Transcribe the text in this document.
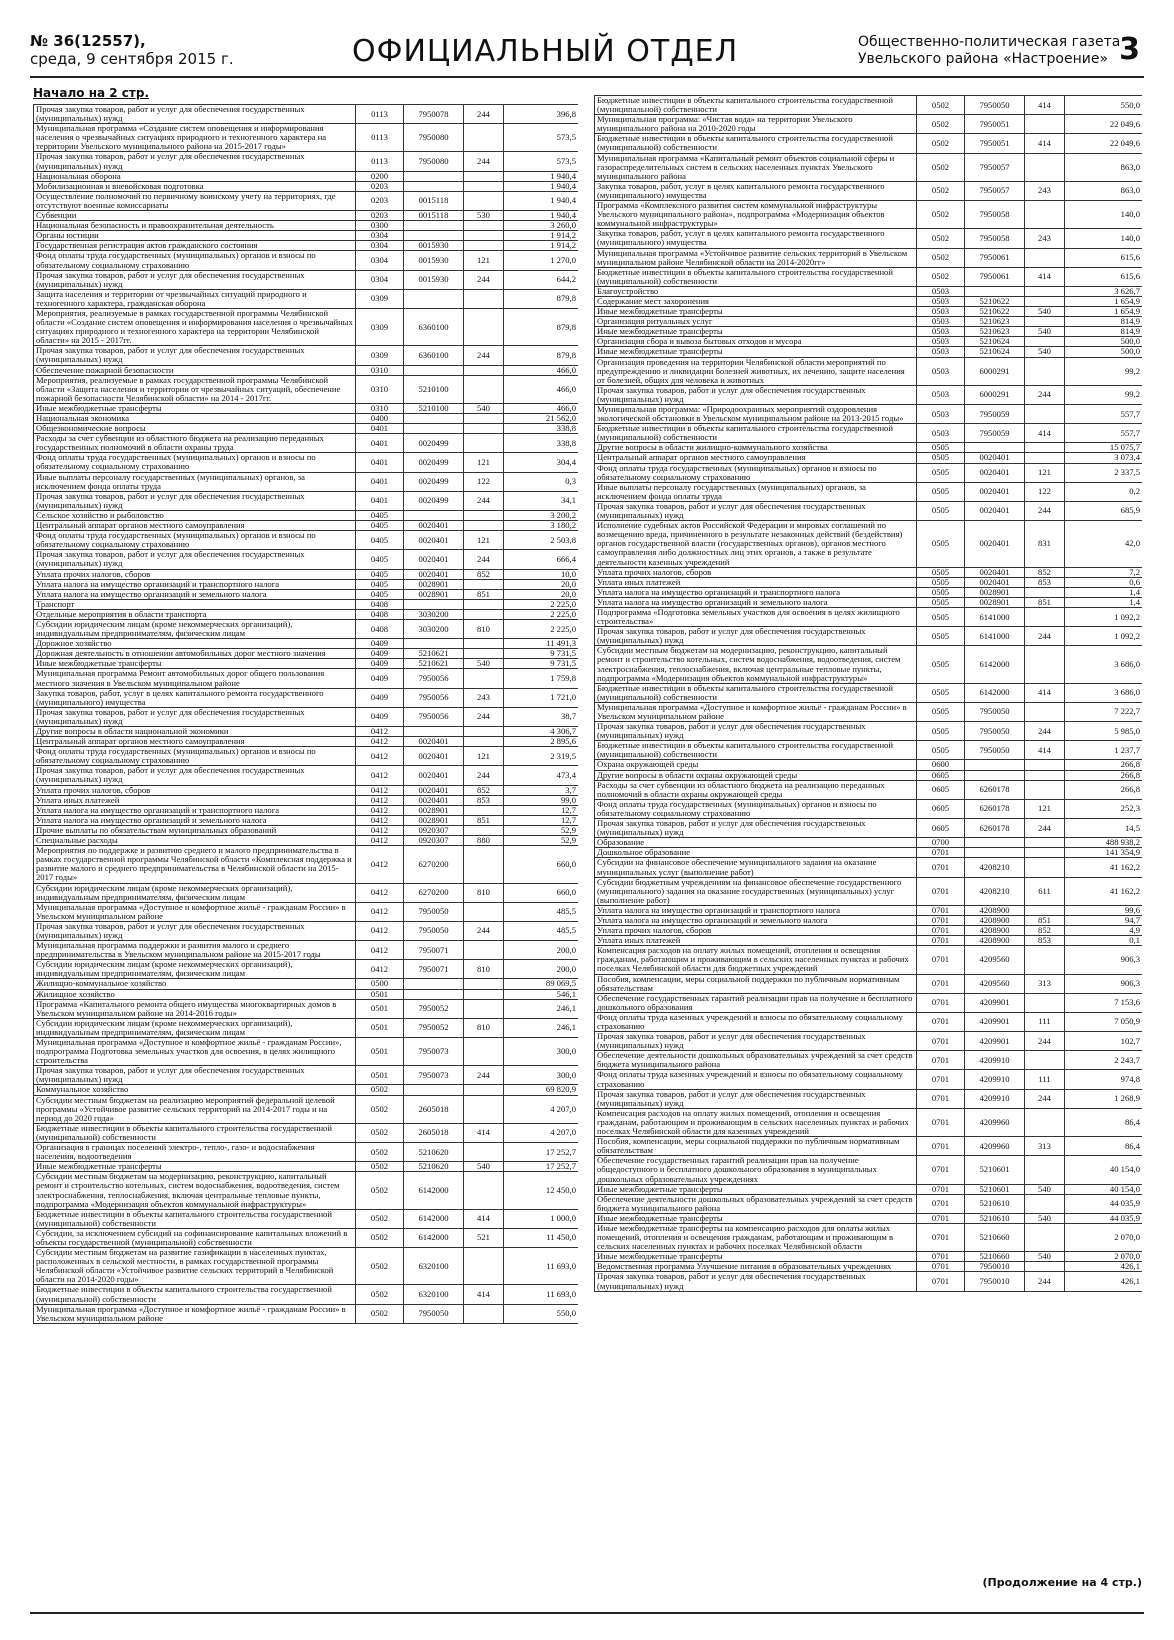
№ 36(12557),
среда, 9 сентября 2015 г.	ОФИЦИАЛЬНЫЙ ОТДЕЛ	Общественно-политическая газета
Увельского района «Настроение» 3
Начало на 2 стр.
Прочая закупка товаров, работ и услуг для обеспечения государственных (муниципальных) нужд	0113	7950078	244	396,8
Муниципальная программа «Создание систем оповещения и информирования населения о чрезвычайных ситуациях природного и техногенного характера на территории Увельского муниципального района на 2015-2017 годы»	0113	7950080		573,5
Прочая закупка товаров, работ и услуг для обеспечения государственных (муниципальных) нужд	0113	7950080	244	573,5
Национальная оборона	0200			1 940,4
Мобилизационная и вневойсковая подготовка	0203			1 940,4
Осуществление полномочий по первичному воинскому учету на территориях, где отсутствуют военные комиссариаты	0203	0015118		1 940,4
Субвенции	0203	0015118	530	1 940,4
Национальная безопасность и правоохранительная деятельность	0300			3 260,0
Органы юстиции	0304			1 914,2
Государственная регистрация актов гражданского состояния	0304	0015930		1 914,2
Фонд оплаты труда государственных (муниципальных) органов и взносы по обязательному социальному страхованию	0304	0015930	121	1 270,0
Прочая закупка товаров, работ и услуг для обеспечения государственных (муниципальных) нужд	0304	0015930	244	644,2
Защита населения и территории от чрезвычайных ситуаций природного и техногенного характера, гражданская оборона	0309			879,8
Мероприятия, реализуемые в рамках государственной программы Челябинской области «Создание систем оповещения и информирования населения о чрезвычайных ситуациях природного и техногенного характера на территории Челябинской области» на 2015 - 2017гг.	0309	6360100		879,8
Прочая закупка товаров, работ и услуг для обеспечения государственных (муниципальных) нужд	0309	6360100	244	879,8
Обеспечение пожарной безопасности	0310			466,0
Мероприятия, реализуемые в рамках государственной программы Челябинской области «Защита населения и территории от чрезвычайных ситуаций, обеспечение пожарной безопасности Челябинской области» на 2014 - 2017гг.	0310	5210100		466,0
Иные межбюджетные трансферты	0310	5210100	540	466,0
Национальная экономика	0400			21 562,0
Общеэкономические вопросы	0401			338,8
Расходы за счет субвенции из областного бюджета на реализацию переданных государственных полномочий в области охраны труда	0401	0020499		338,8
Фонд оплаты труда государственных (муниципальных) органов и взносы по обязательному социальному страхованию	0401	0020499	121	304,4
Иные выплаты персоналу государственных (муниципальных) органов, за исключением фонда оплаты труда	0401	0020499	122	0,3
Прочая закупка товаров, работ и услуг для обеспечения государственных (муниципальных) нужд	0401	0020499	244	34,1
Сельское хозяйство и рыболовство	0405			3 200,2
Центральный аппарат органов местного самоуправления	0405	0020401		3 180,2
Фонд оплаты труда государственных (муниципальных) органов и взносы по обязательному социальному страхованию	0405	0020401	121	2 503,8
Прочая закупка товаров, работ и услуг для обеспечения государственных (муниципальных) нужд	0405	0020401	244	666,4
Уплата прочих налогов, сборов	0405	0020401	852	10,0
Уплата налога на имущество организаций и транспортного налога	0405	0028901		20,0
Уплата налога на имущество организаций и земельного налога	0405	0028901	851	20,0
Транспорт	0408			2 225,0
Отдельные мероприятия в области транспорта	0408	3030200		2 225,0
Субсидии юридическим лицам (кроме некоммерческих организаций), индивидуальным предпринимателям, физическим лицам	0408	3030200	810	2 225,0
Дорожное хозяйство	0409			11 491,3
Дорожная деятельность в отношении автомобильных дорог местного значения	0409	5210621		9 731,5
Иные межбюджетные трансферты	0409	5210621	540	9 731,5
Муниципальная программа Ремонт автомобильных дорог общего пользования местного значения в Увельском муниципальном районе	0409	7950056		1 759,8
Закупка товаров, работ, услуг в целях капитального ремонта государственного (муниципального) имущества	0409	7950056	243	1 721,0
Прочая закупка товаров, работ и услуг для обеспечения государственных (муниципальных) нужд	0409	7950056	244	38,7
Другие вопросы в области национальной экономики	0412			4 306,7
Центральный аппарат органов местного самоуправления	0412	0020401		2 895,6
Фонд оплаты труда государственных (муниципальных) органов и взносы по обязательному социальному страхованию	0412	0020401	121	2 319,5
Прочая закупка товаров, работ и услуг для обеспечения государственных (муниципальных) нужд	0412	0020401	244	473,4
Уплата прочих налогов, сборов	0412	0020401	852	3,7
Уплата иных платежей	0412	0020401	853	99,0
Уплата налога на имущество организаций и транспортного налога	0412	0028901		12,7
Уплата налога на имущество организаций и земельного налога	0412	0028901	851	12,7
Прочие выплаты по обязательствам муниципальных образований	0412	0920307		52,9
Специальные расходы	0412	0920307	880	52,9
Мероприятия по поддержке и развитию среднего и малого предпринимательства в рамках государственной программы Челябинской области «Комплексная поддержка и развитие малого и среднего предпринимательства в Челябинской области на 2015-2017 годы»	0412	6270200		660,0
Субсидии юридическим лицам (кроме некоммерческих организаций), индивидуальным предпринимателям, физическим лицам	0412	6270200	810	660,0
Муниципальная программа «Доступное и комфортное жильё - гражданам России» в Увельском муниципальном районе	0412	7950050		485,5
Прочая закупка товаров, работ и услуг для обеспечения государственных (муниципальных) нужд	0412	7950050	244	485,5
Муниципальная программа поддержки и развития малого и среднего предпринимательства в Увельском муниципальном районе на 2015-2017 годы	0412	7950071		200,0
Субсидии юридическим лицам (кроме некоммерческих организаций), индивидуальным предпринимателям, физическим лицам	0412	7950071	810	200,0
Жилищно-коммунальное хозяйство	0500			89 069,5
Жилищное хозяйство	0501			546,1
Программа «Капитального ремонта общего имущества многоквартирных домов в Увельском муниципальном районе на 2014-2016 годы»	0501	7950052		246,1
Субсидии юридическим лицам (кроме некоммерческих организаций), индивидуальным предпринимателям, физическим лицам	0501	7950052	810	246,1
Муниципальная программа «Доступное и комфортное жильё - гражданам России», подпрограмма Подготовка земельных участков для освоения, в целях жилищного строительства	0501	7950073		300,0
Прочая закупка товаров, работ и услуг для обеспечения государственных (муниципальных) нужд	0501	7950073	244	300,0
Коммунальное хозяйство	0502			69 820,9
Субсидии местным бюджетам на реализацию мероприятий федеральной целевой программы «Устойчивое развитие сельских территорий на 2014-2017 годы и на период до 2020 года»	0502	2605018		4 207,0
Бюджетные инвестиции в объекты капитального строительства государственной (муниципальной) собственности	0502	2605018	414	4 207,0
Организация в границах поселений электро-, тепло-, газо- и водоснабжения населения, водоотведения	0502	5210620		17 252,7
Иные межбюджетные трансферты	0502	5210620	540	17 252,7
Субсидии местным бюджетам на модернизацию, реконструкцию, капитальный ремонт и строительство котельных, систем водоснабжения, водоотведения, систем электроснабжения, теплоснабжения, включая центральные тепловые пункты, подпрограмма «Модернизация объектов коммунальной инфраструктуры»	0502	6142000		12 450,0
Бюджетные инвестиции в объекты капитального строительства государственной (муниципальной) собственности	0502	6142000	414	1 000,0
Субсидии, за исключением субсидий на софинансирование капитальных вложений в объекты государственной (муниципальной) собственности	0502	6142000	521	11 450,0
Субсидии местным бюджетам на развитие газификации в населенных пунктах, расположенных в сельской местности, в рамках государственной программы Челябинской области «Устойчивое развитие сельских территорий в Челябинской области на 2014-2020 годы»	0502	6320100		11 693,0
Бюджетные инвестиции в объекты капитального строительства государственной (муниципальной) собственности	0502	6320100	414	11 693,0
Муниципальная программа «Доступное и комфортное жильё - гражданам России» в Увельском муниципальном районе	0502	7950050		550,0
Бюджетные инвестиции в объекты капитального строительства государственной (муниципальной) собственности	0502	7950050	414	550,0
Муниципальная программа: «Чистая вода» на территории Увельского муниципального района на 2010-2020 годы	0502	7950051		22 049,6
Бюджетные инвестиции в объекты капитального строительства государственной (муниципальной) собственности	0502	7950051	414	22 049,6
Муниципальная программа «Капитальный ремонт объектов социальной сферы и газораспределительных систем в сельских населенных пунктах Увельского муниципального района	0502	7950057		863,0
Закупка товаров, работ, услуг в целях капитального ремонта государственного (муниципального) имущества	0502	7950057	243	863,0
Программа «Комплексного развития систем коммунальной инфраструктуры Увельского муниципального района», подпрограмма «Модернизация объектов коммунальной инфраструктуры»	0502	7950058		140,0
Закупка товаров, работ, услуг в целях капитального ремонта государственного (муниципального) имущества	0502	7950058	243	140,0
Муниципальная программа «Устойчивое развитие сельских территорий в Увельском муниципальном районе Челябинской области на 2014-2020гг»	0502	7950061		615,6
Бюджетные инвестиции в объекты капитального строительства государственной (муниципальной) собственности	0502	7950061	414	615,6
Благоустройство	0503			3 626,7
Содержание мест захоронения	0503	5210622		1 654,9
Иные межбюджетные трансферты	0503	5210622	540	1 654,9
Организация ритуальных услуг	0503	5210623		814,9
Иные межбюджетные трансферты	0503	5210623	540	814,9
Организация сбора и вывоза бытовых отходов и мусора	0503	5210624		500,0
Иные межбюджетные трансферты	0503	5210624	540	500,0
Организация проведения на территории Челябинской области мероприятий по предупреждению и ликвидации болезней животных, их лечению, защите населения от болезней, общих для человека и животных	0503	6000291		99,2
Прочая закупка товаров, работ и услуг для обеспечения государственных (муниципальных) нужд	0503	6000291	244	99,2
Муниципальная программа: «Природоохранных мероприятий оздоровления экологической обстановки в Увельском муниципальном районе на 2013-2015 годы»	0503	7950059		557,7
Бюджетные инвестиции в объекты капитального строительства государственной (муниципальной) собственности	0503	7950059	414	557,7
Другие вопросы в области жилищно-коммунального хозяйства	0505			15 075,7
Центральный аппарат органов местного самоуправления	0505	0020401		3 073,4
Фонд оплаты труда государственных (муниципальных) органов и взносы по обязательному социальному страхованию	0505	0020401	121	2 337,5
Иные выплаты персоналу государственных (муниципальных) органов, за исключением фонда оплаты труда	0505	0020401	122	0,2
Прочая закупка товаров, работ и услуг для обеспечения государственных (муниципальных) нужд	0505	0020401	244	685,9
Исполнение судебных актов Российской Федерации и мировых соглашений по возмещению вреда, причиненного в результате незаконных действий (бездействия) органов государственной власти (государственных органов), органов местного самоуправления либо должностных лиц этих органов, а также в результате деятельности казенных учреждений	0505	0020401	831	42,0
Уплата прочих налогов, сборов	0505	0020401	852	7,2
Уплата иных платежей	0505	0020401	853	0,6
Уплата налога на имущество организаций и транспортного налога	0505	0028901		1,4
Уплата налога на имущество организаций и земельного налога	0505	0028901	851	1,4
Подпрограмма «Подготовка земельных участков для освоения в целях жилищного строительства»	0505	6141000		1 092,2
Прочая закупка товаров, работ и услуг для обеспечения государственных (муниципальных) нужд	0505	6141000	244	1 092,2
Субсидии местным бюджетам на модернизацию, реконструкцию, капитальный ремонт и строительство котельных, систем водоснабжения, водоотведения, систем электроснабжения, теплоснабжения, включая центральные тепловые пункты, подпрограмма «Модернизация объектов коммунальной инфраструктуры»	0505	6142000		3 686,0
Бюджетные инвестиции в объекты капитального строительства государственной (муниципальной) собственности	0505	6142000	414	3 686,0
Муниципальная программа «Доступное и комфортное жильё - гражданам России» в Увельском муниципальном районе	0505	7950050		7 222,7
Прочая закупка товаров, работ и услуг для обеспечения государственных (муниципальных) нужд	0505	7950050	244	5 985,0
Бюджетные инвестиции в объекты капитального строительства государственной (муниципальной) собственности	0505	7950050	414	1 237,7
Охрана окружающей среды	0600			266,8
Другие вопросы в области охраны окружающей среды	0605			266,8
Расходы за счет субвенции из областного бюджета на реализацию переданных полномочий в области охраны окружающей среды	0605	6260178		266,8
Фонд оплаты труда государственных (муниципальных) органов и взносы по обязательному социальному страхованию	0605	6260178	121	252,3
Прочая закупка товаров, работ и услуг для обеспечения государственных (муниципальных) нужд	0605	6260178	244	14,5
Образование	0700			488 938,2
Дошкольное образование	0701			141 354,9
Субсидии на финансовое обеспечение муниципального задания на оказание муниципальных услуг (выполнение работ)	0701	4208210		41 162,2
Субсидии бюджетным учреждениям на финансовое обеспечение государственного (муниципального) задания на оказание государственных (муниципальных) услуг (выполнение работ)	0701	4208210	611	41 162,2
Уплата налога на имущество организаций и транспортного налога	0701	4208900		99,6
Уплата налога на имущество организаций и земельного налога	0701	4208900	851	94,7
Уплата прочих налогов, сборов	0701	4208900	852	4,9
Уплата иных платежей	0701	4208900	853	0,1
Компенсация расходов на оплату жилых помещений, отопления и освещения гражданам, работающим и проживающим в сельских населенных пунктах и рабочих поселках Челябинской области для бюджетных учреждений	0701	4209560		906,3
Пособия, компенсации, меры социальной поддержки по публичным нормативным обязательствам	0701	4209560	313	906,3
Обеспечение государственных гарантий реализации прав на получение и бесплатного дошкольного образования	0701	4209901		7 153,6
Фонд оплаты труда казенных учреждений и взносы по обязательному социальному страхованию	0701	4209901	111	7 050,9
Прочая закупка товаров, работ и услуг для обеспечения государственных (муниципальных) нужд	0701	4209901	244	102,7
Обеспечение деятельности дошкольных образовательных учреждений за счет средств бюджета муниципального района	0701	4209910		2 243,7
Фонд оплаты труда казенных учреждений и взносы по обязательному социальному страхованию	0701	4209910	111	974,8
Прочая закупка товаров, работ и услуг для обеспечения государственных (муниципальных) нужд	0701	4209910	244	1 268,9
Компенсация расходов на оплату жилых помещений, отопления и освещения гражданам, работающим и проживающим в сельских населенных пунктах и рабочих поселках Челябинской области для казенных учреждений	0701	4209960		86,4
Пособия, компенсации, меры социальной поддержки по публичным нормативным обязательствам	0701	4209960	313	86,4
Обеспечение государственных гарантий реализации прав на получение общедоступного и бесплатного дошкольного образования в муниципальных дошкольных образовательных учреждениях	0701	5210601		40 154,0
Иные межбюджетные трансферты	0701	5210601	540	40 154,0
Обеспечение деятельности дошкольных образовательных учреждений за счет средств бюджета муниципального района	0701	5210610		44 035,9
Иные межбюджетные трансферты	0701	5210610	540	44 035,9
Иные межбюджетные трансферты на компенсацию расходов для оплаты жилых помещений, отопления и освещения гражданам, работающим и проживающим в сельских населенных пунктах и рабочих поселках Челябинской области	0701	5210660		2 070,0
Иные межбюджетные трансферты	0701	5210660	540	2 070,0
Ведомственная программа Улучшение питания в образовательных учреждениях	0701	7950010		426,1
Прочая закупка товаров, работ и услуг для обеспечения государственных (муниципальных) нужд	0701	7950010	244	426,1
(Продолжение на 4 стр.)
